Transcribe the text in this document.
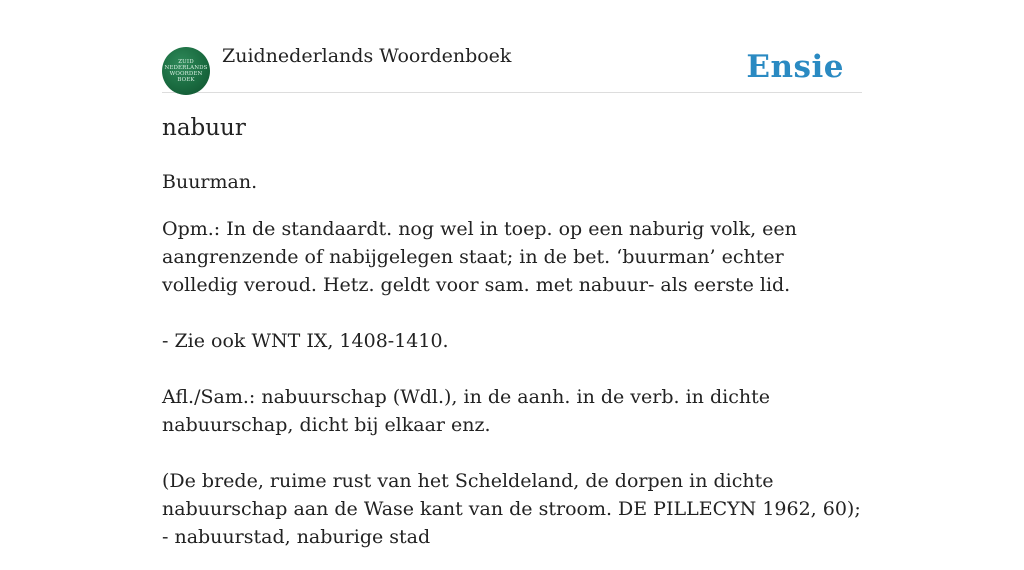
ZUID
NEDERLANDS
WOORDEN
BOEK
Zuidnederlands Woordenboek	Ensie
nabuur

Buurman.

Opm.: In de standaardt. nog wel in toep. op een naburig volk, een aangrenzende of nabijgelegen staat; in de bet. ‘buurman’ echter volledig veroud. Hetz. geldt voor sam. met nabuur- als eerste lid.

- Zie ook WNT IX, 1408-1410.

Afl./Sam.: nabuurschap (Wdl.), in de aanh. in de verb. in dichte nabuurschap, dicht bij elkaar enz.

(De brede, ruime rust van het Scheldeland, de dorpen in dichte nabuurschap aan de Wase kant van de stroom. DE PILLECYN 1962, 60); - nabuurstad, naburige stad
